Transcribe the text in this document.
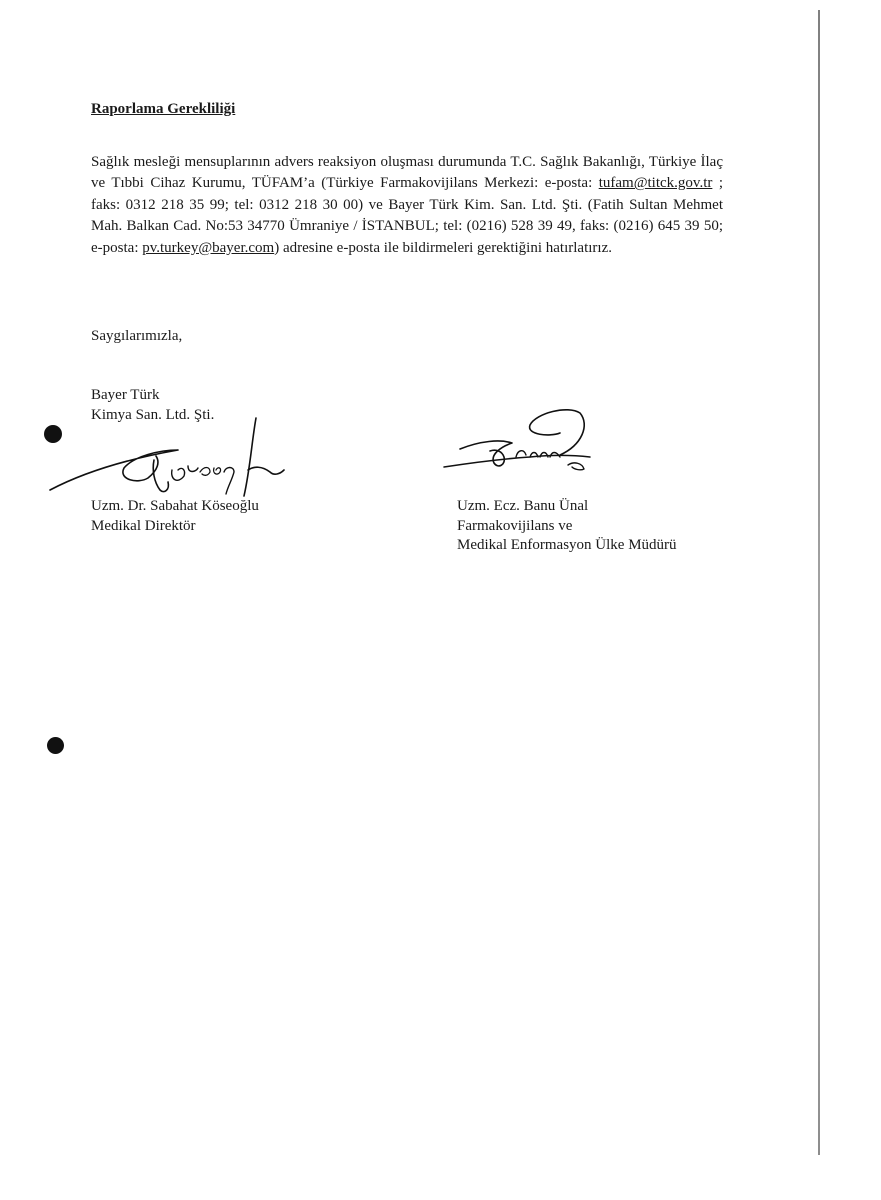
Raporlama Gerekliliği

Sağlık mesleği mensuplarının advers reaksiyon oluşması durumunda T.C. Sağlık Bakanlığı, Türkiye İlaç ve Tıbbi Cihaz Kurumu, TÜFAM’a (Türkiye Farmakovijilans Merkezi: e-posta: tufam@titck.gov.tr ; faks: 0312 218 35 99; tel: 0312 218 30 00) ve Bayer Türk Kim. San. Ltd. Şti. (Fatih Sultan Mehmet Mah. Balkan Cad. No:53 34770 Ümraniye / İSTANBUL; tel: (0216) 528 39 49, faks: (0216) 645 39 50; e-posta: pv.turkey@bayer.com) adresine e-posta ile bildirmeleri gerektiğini hatırlatırız.

Saygılarımızla,

Bayer Türk
Kimya San. Ltd. Şti.
Uzm. Dr. Sabahat Köseoğlu
Medikal Direktör
Uzm. Ecz. Banu Ünal
Farmakovijilans ve
Medikal Enformasyon Ülke Müdürü
